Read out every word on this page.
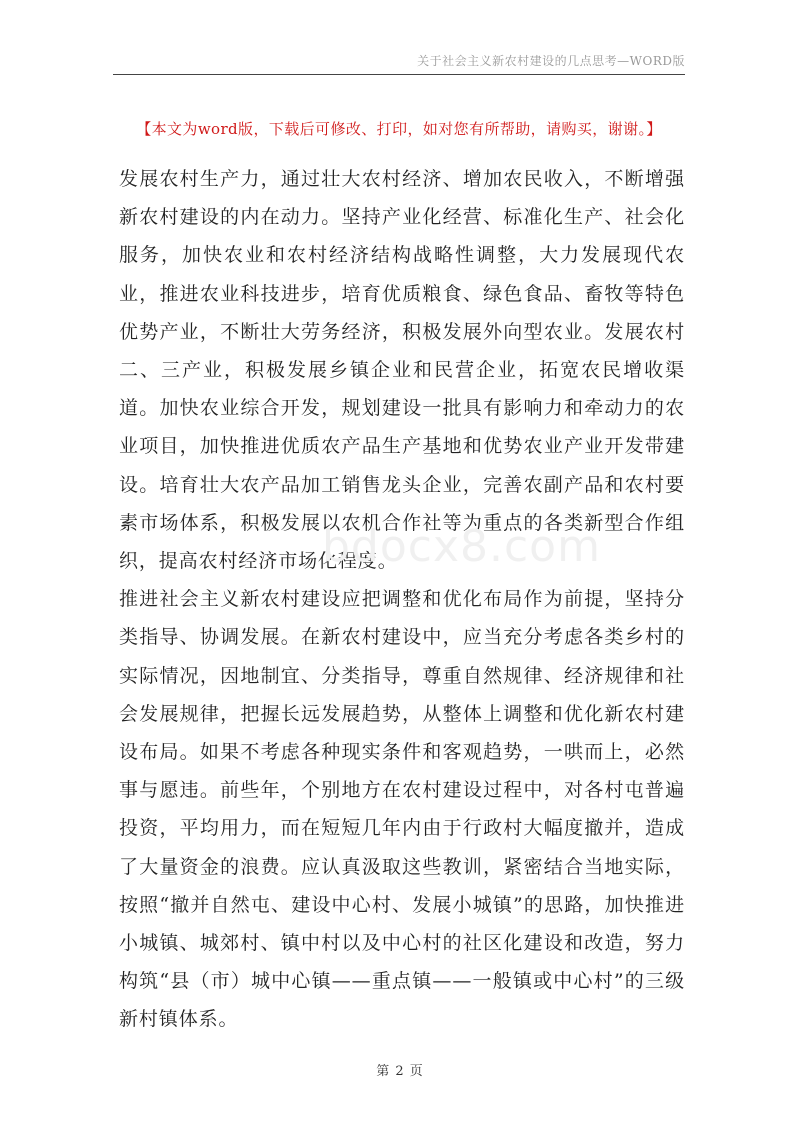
关于社会主义新农村建设的几点思考—WORD版
【本文为word版，下载后可修改、打印，如对您有所帮助，请购买，谢谢。】

发展农村生产力，通过壮大农村经济、增加农民收入，不断增强新农村建设的内在动力。坚持产业化经营、标准化生产、社会化服务，加快农业和农村经济结构战略性调整，大力发展现代农业，推进农业科技进步，培育优质粮食、绿色食品、畜牧等特色优势产业，不断壮大劳务经济，积极发展外向型农业。发展农村二、三产业，积极发展乡镇企业和民营企业，拓宽农民增收渠道。加快农业综合开发，规划建设一批具有影响力和牵动力的农业项目，加快推进优质农产品生产基地和优势农业产业开发带建设。培育壮大农产品加工销售龙头企业，完善农副产品和农村要素市场体系，积极发展以农机合作社等为重点的各类新型合作组织，提高农村经济市场化程度。

推进社会主义新农村建设应把调整和优化布局作为前提，坚持分类指导、协调发展。在新农村建设中，应当充分考虑各类乡村的实际情况，因地制宜、分类指导，尊重自然规律、经济规律和社会发展规律，把握长远发展趋势，从整体上调整和优化新农村建设布局。如果不考虑各种现实条件和客观趋势，一哄而上，必然事与愿违。前些年，个别地方在农村建设过程中，对各村屯普遍投资，平均用力，而在短短几年内由于行政村大幅度撤并，造成了大量资金的浪费。应认真汲取这些教训，紧密结合当地实际，按照“撤并自然屯、建设中心村、发展小城镇”的思路，加快推进小城镇、城郊村、镇中村以及中心村的社区化建设和改造，努力构筑“县（市）城中心镇——重点镇——一般镇或中心村”的三级新村镇体系。

bdocx8.com
第 2 页
